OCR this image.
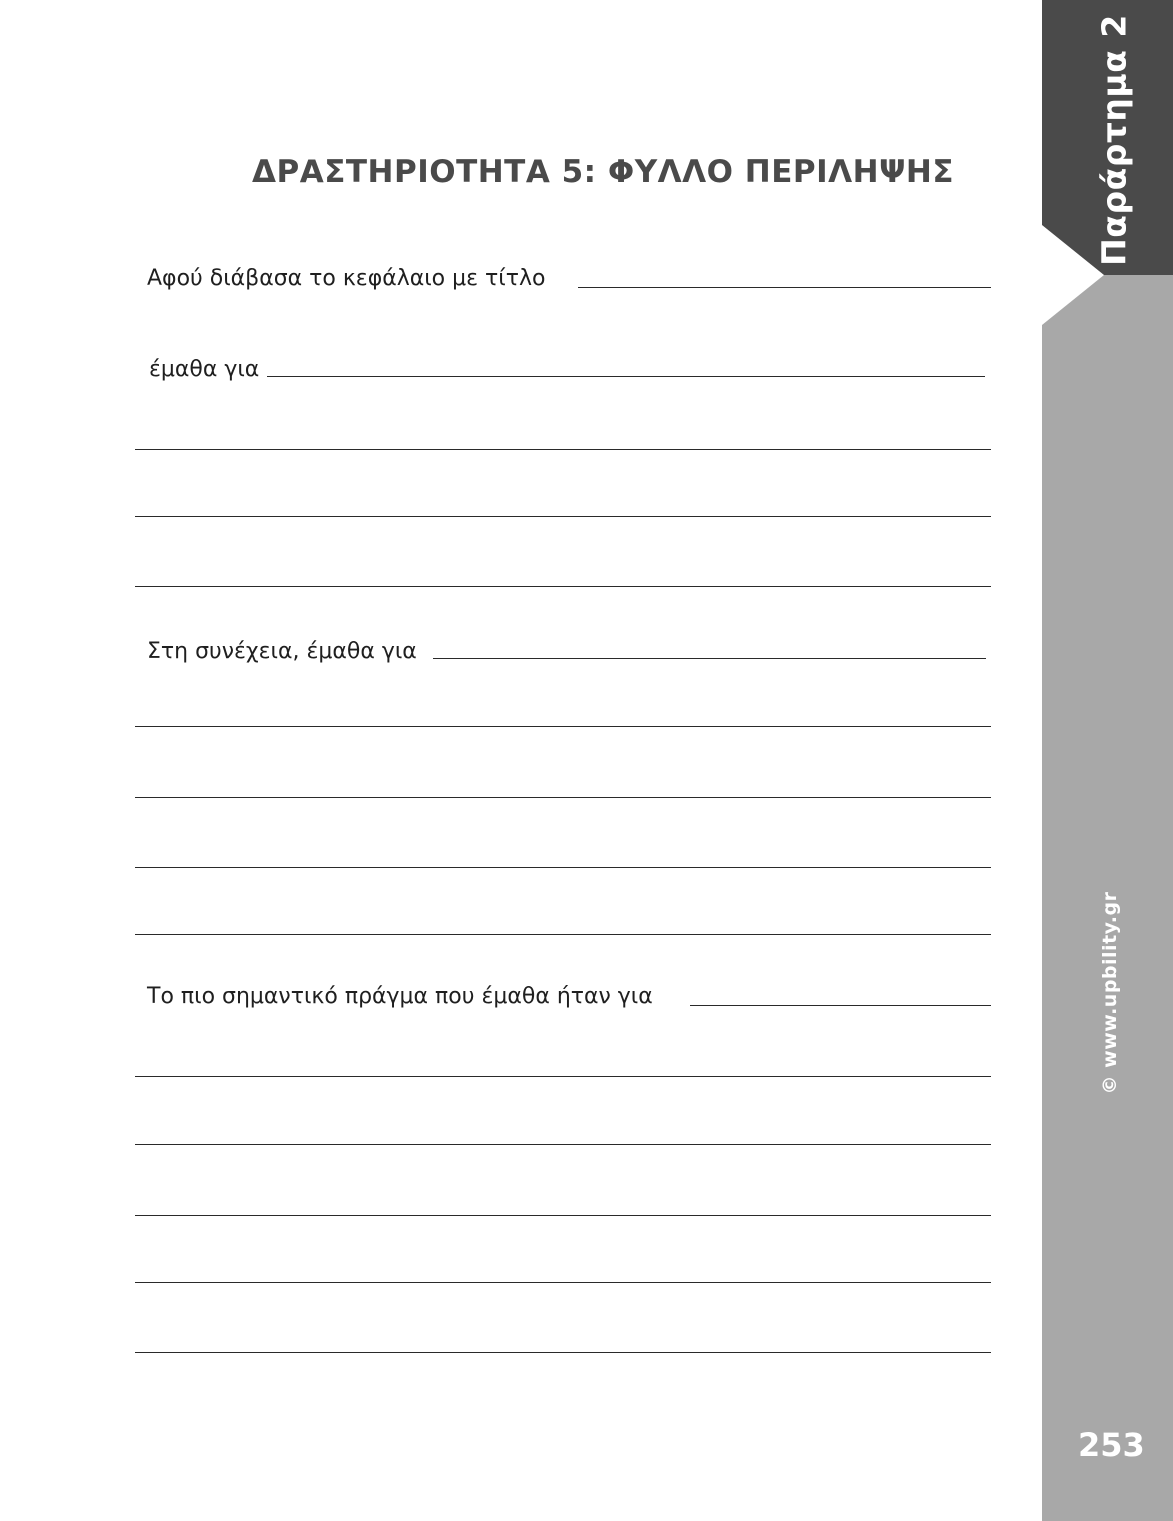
Παράρτημα 2
© www.upbility.gr
253
ΔΡΑΣΤΗΡΙΟΤΗΤΑ 5: ΦΥΛΛΟ ΠΕΡΙΛΗΨΗΣ
Αφού διάβασα το κεφάλαιο με τίτλο
έμαθα για
Στη συνέχεια, έμαθα για
Το πιο σημαντικό πράγμα που έμαθα ήταν για
